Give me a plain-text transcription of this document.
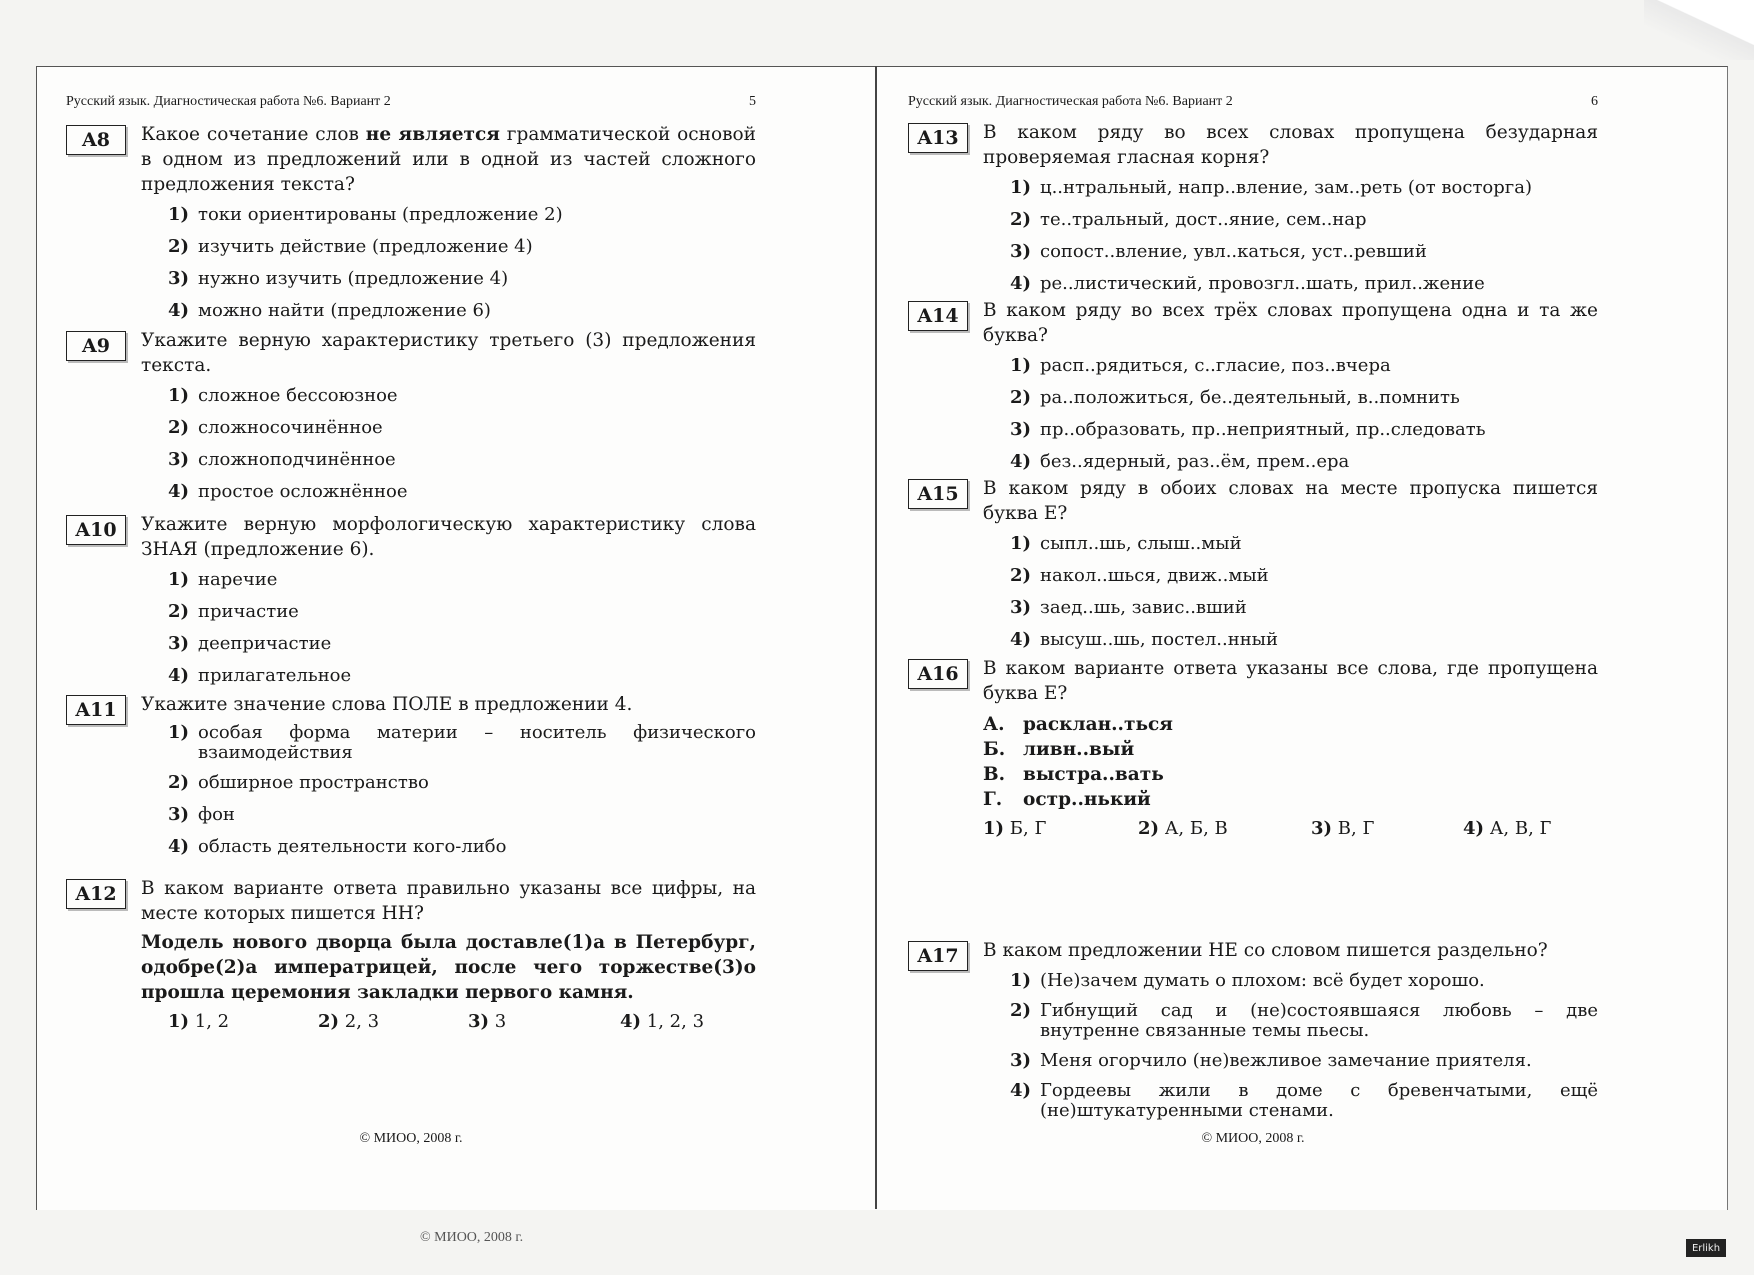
Русский язык. Диагностическая работа №6. Вариант 2	5
A8	Какое сочетание слов не является грамматической основой в одном из предложений или в одной из частей сложного предложения текста?
1) токи ориентированы (предложение 2)
2) изучить действие (предложение 4)
3) нужно изучить (предложение 4)
4) можно найти (предложение 6)
A9	Укажите верную характеристику третьего (3) предложения текста.
1) сложное бессоюзное
2) сложносочинённое
3) сложноподчинённое
4) простое осложнённое
A10	Укажите верную морфологическую характеристику слова ЗНАЯ (предложение 6).
1) наречие
2) причастие
3) деепричастие
4) прилагательное
A11	Укажите значение слова ПОЛЕ в предложении 4.
1) особая форма материи – носитель физического взаимодействия
2) обширное пространство
3) фон
4) область деятельности кого-либо
A12	В каком варианте ответа правильно указаны все цифры, на месте которых пишется НН?
Модель нового дворца была доставле(1)а в Петербург, одобре(2)а императрицей, после чего торжестве(3)о прошла церемония закладки первого камня.
1) 1, 2	2) 2, 3	3) 3	4) 1, 2, 3
© МИОО, 2008 г.
Русский язык. Диагностическая работа №6. Вариант 2	6
A13	В каком ряду во всех словах пропущена безударная проверяемая гласная корня?
1) ц..нтральный, напр..вление, зам..реть (от восторга)
2) те..тральный, дост..яние, сем..нар
3) сопост..вление, увл..каться, уст..ревший
4) ре..листический, провозгл..шать, прил..жение
A14	В каком ряду во всех трёх словах пропущена одна и та же буква?
1) расп..рядиться, с..гласие, поз..вчера
2) ра..положиться, бе..деятельный, в..помнить
3) пр..образовать, пр..неприятный, пр..следовать
4) без..ядерный, раз..ём, прем..ера
A15	В каком ряду в обоих словах на месте пропуска пишется буква Е?
1) сыпл..шь, слыш..мый
2) накол..шься, движ..мый
3) заед..шь, завис..вший
4) высуш..шь, постел..нный
A16	В каком варианте ответа указаны все слова, где пропущена буква Е?
А. расклан..ться
Б. ливн..вый
В. выстра..вать
Г.	остр..нький
1) Б, Г	2) А, Б, В	3) В, Г	4) А, В, Г
A17	В каком предложении НЕ со словом пишется раздельно?
1) (Не)зачем думать о плохом: всё будет хорошо.
2) Гибнущий сад и (не)состоявшаяся любовь – две внутренне связанные темы пьесы.
3) Меня огорчило (не)вежливое замечание приятеля.
4) Гордеевы жили в доме с бревенчатыми, ещё (не)штукатуренными стенами.
© МИОО, 2008 г.
© МИОО, 2008 г.
Erlikh
